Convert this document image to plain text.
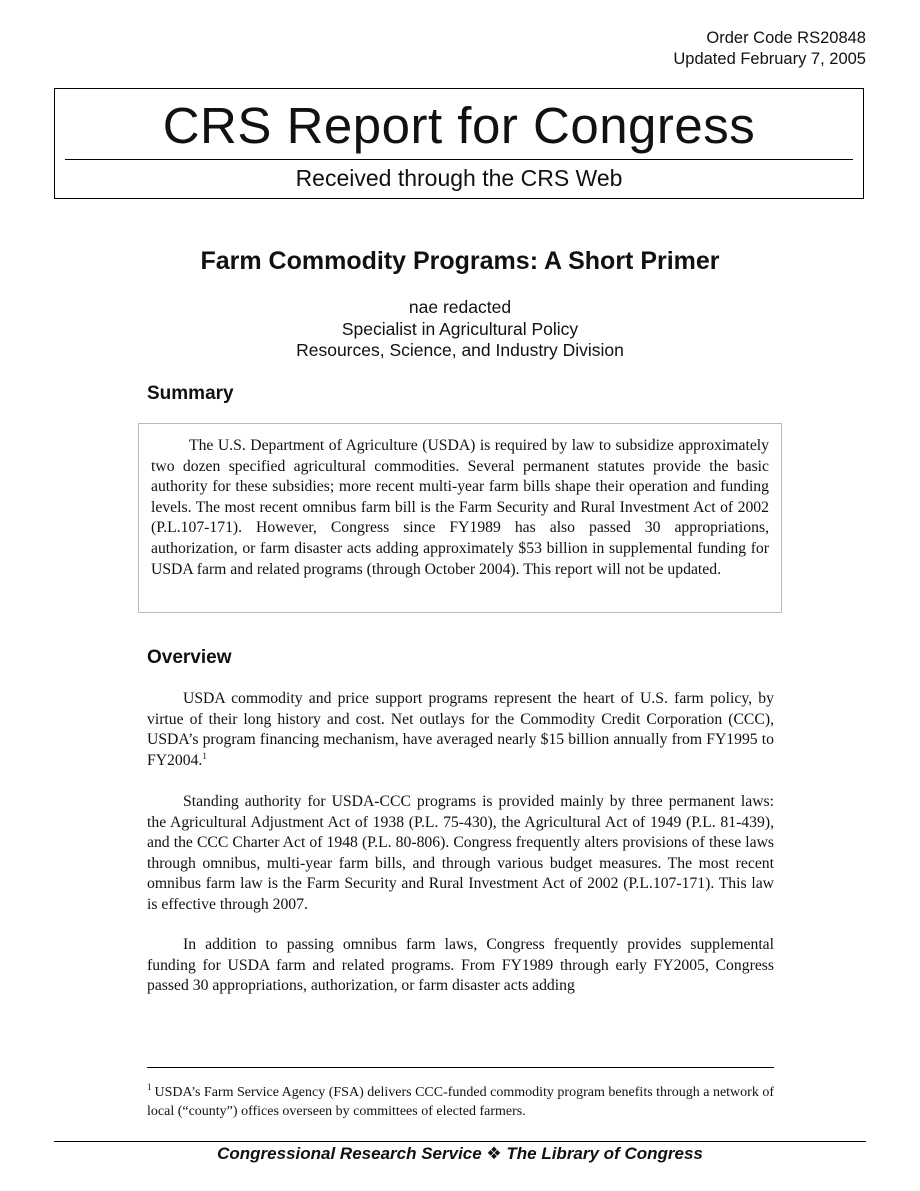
Order Code RS20848
Updated February 7, 2005
CRS Report for Congress
Received through the CRS Web
Farm Commodity Programs: A Short Primer
nae redacted
Specialist in Agricultural Policy
Resources, Science, and Industry Division
Summary

The U.S. Department of Agriculture (USDA) is required by law to subsidize approximately two dozen specified agricultural commodities. Several permanent statutes provide the basic authority for these subsidies; more recent multi-year farm bills shape their operation and funding levels. The most recent omnibus farm bill is the Farm Security and Rural Investment Act of 2002 (P.L.107-171). However, Congress since FY1989 has also passed 30 appropriations, authorization, or farm disaster acts adding approximately $53 billion in supplemental funding for USDA farm and related programs (through October 2004). This report will not be updated.

Overview

USDA commodity and price support programs represent the heart of U.S. farm policy, by virtue of their long history and cost. Net outlays for the Commodity Credit Corporation (CCC), USDA’s program financing mechanism, have averaged nearly $15 billion annually from FY1995 to FY2004.$^1$

Standing authority for USDA-CCC programs is provided mainly by three permanent laws: the Agricultural Adjustment Act of 1938 (P.L. 75-430), the Agricultural Act of 1949 (P.L. 81-439), and the CCC Charter Act of 1948 (P.L. 80-806). Congress frequently alters provisions of these laws through omnibus, multi-year farm bills, and through various budget measures. The most recent omnibus farm law is the Farm Security and Rural Investment Act of 2002 (P.L.107-171). This law is effective through 2007.

In addition to passing omnibus farm laws, Congress frequently provides supplemental funding for USDA farm and related programs. From FY1989 through early FY2005, Congress passed 30 appropriations, authorization, or farm disaster acts adding

$^1$ USDA’s Farm Service Agency (FSA) delivers CCC-funded commodity program benefits through a network of local (“county”) offices overseen by committees of elected farmers.

Congressional Research Service ❖ The Library of Congress
